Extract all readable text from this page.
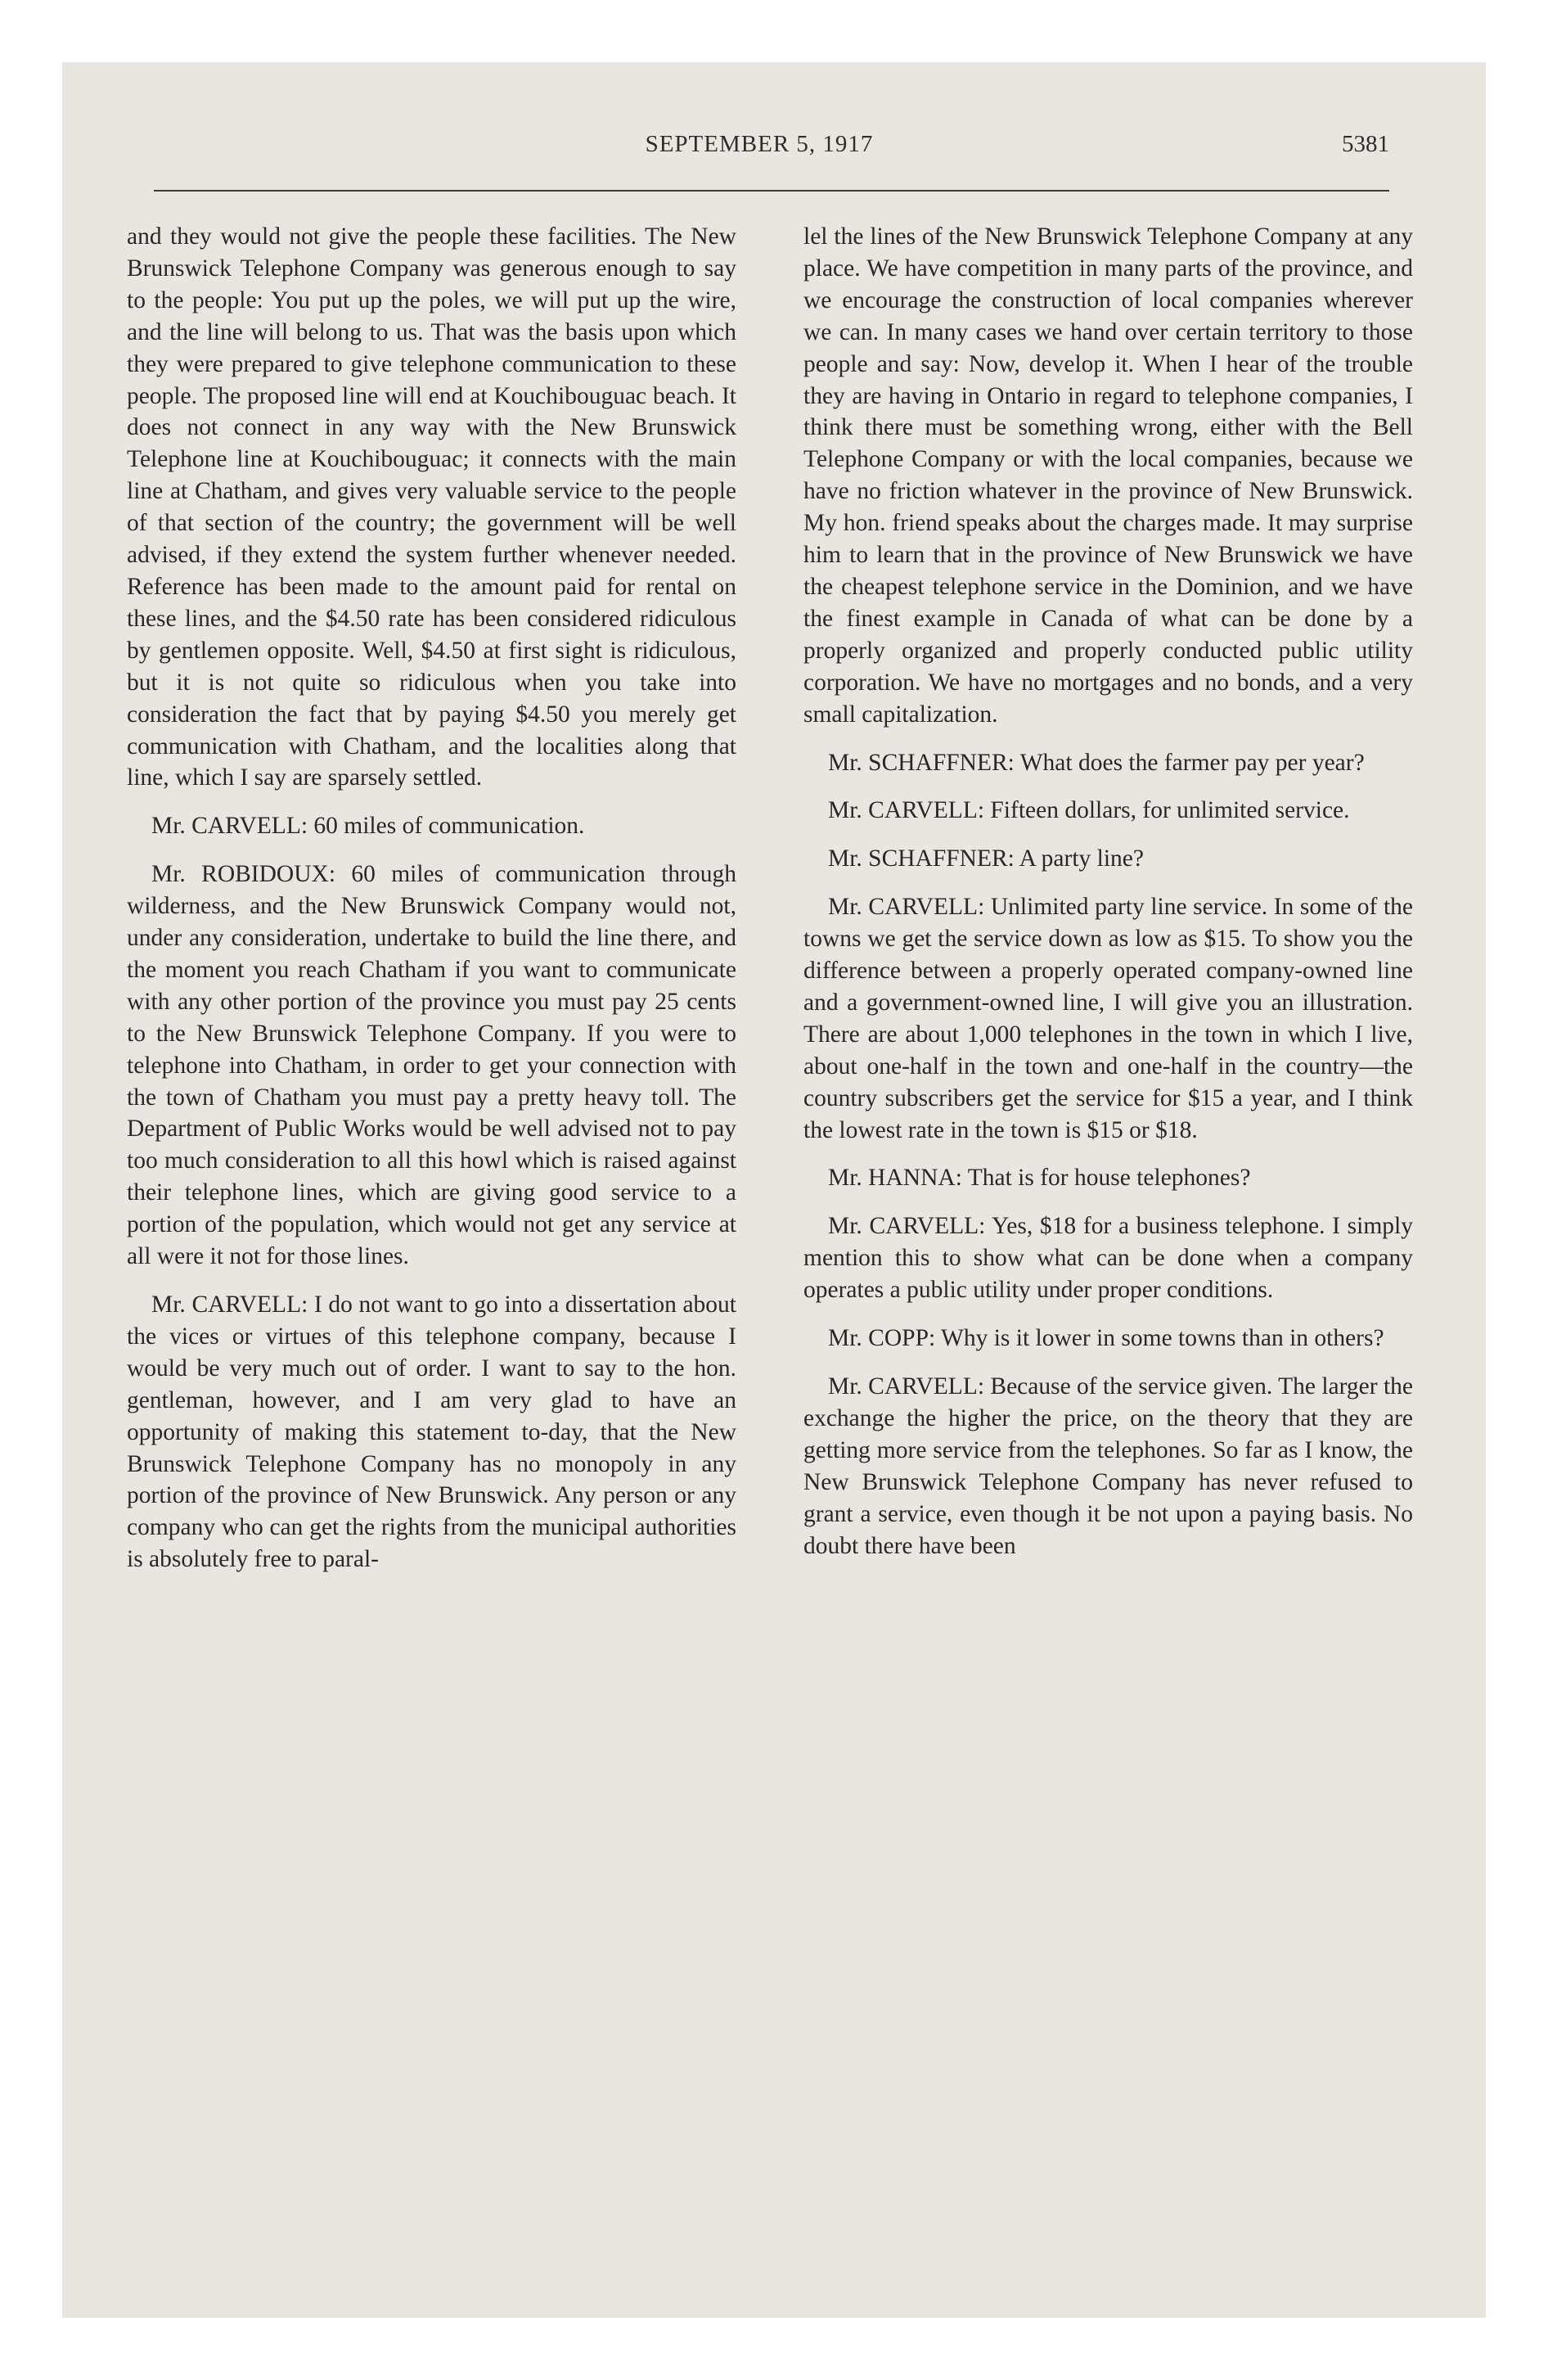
SEPTEMBER 5, 1917	5381

and they would not give the people these facilities. The New Brunswick Telephone Company was generous enough to say to the people: You put up the poles, we will put up the wire, and the line will belong to us. That was the basis upon which they were prepared to give telephone communication to these people. The proposed line will end at Kouchibouguac beach. It does not connect in any way with the New Brunswick Telephone line at Kouchibouguac; it connects with the main line at Chatham, and gives very valuable service to the people of that section of the country; the government will be well advised, if they extend the system further whenever needed. Reference has been made to the amount paid for rental on these lines, and the $4.50 rate has been considered ridiculous by gentlemen opposite. Well, $4.50 at first sight is ridiculous, but it is not quite so ridiculous when you take into consideration the fact that by paying $4.50 you merely get communication with Chatham, and the localities along that line, which I say are sparsely settled.

Mr. CARVELL: 60 miles of communication.

Mr. ROBIDOUX: 60 miles of communication through wilderness, and the New Brunswick Company would not, under any consideration, undertake to build the line there, and the moment you reach Chatham if you want to communicate with any other portion of the province you must pay 25 cents to the New Brunswick Telephone Company. If you were to telephone into Chatham, in order to get your connection with the town of Chatham you must pay a pretty heavy toll. The Department of Public Works would be well advised not to pay too much consideration to all this howl which is raised against their telephone lines, which are giving good service to a portion of the population, which would not get any service at all were it not for those lines.

Mr. CARVELL: I do not want to go into a dissertation about the vices or virtues of this telephone company, because I would be very much out of order. I want to say to the hon. gentleman, however, and I am very glad to have an opportunity of making this statement to-day, that the New Brunswick Telephone Company has no monopoly in any portion of the province of New Brunswick. Any person or any company who can get the rights from the municipal authorities is absolutely free to paral-

lel the lines of the New Brunswick Telephone Company at any place. We have competition in many parts of the province, and we encourage the construction of local companies wherever we can. In many cases we hand over certain territory to those people and say: Now, develop it. When I hear of the trouble they are having in Ontario in regard to telephone companies, I think there must be something wrong, either with the Bell Telephone Company or with the local companies, because we have no friction whatever in the province of New Brunswick. My hon. friend speaks about the charges made. It may surprise him to learn that in the province of New Brunswick we have the cheapest telephone service in the Dominion, and we have the finest example in Canada of what can be done by a properly organized and properly conducted public utility corporation. We have no mortgages and no bonds, and a very small capitalization.

Mr. SCHAFFNER: What does the farmer pay per year?

Mr. CARVELL: Fifteen dollars, for unlimited service.

Mr. SCHAFFNER: A party line?

Mr. CARVELL: Unlimited party line service. In some of the towns we get the service down as low as $15. To show you the difference between a properly operated company-owned line and a government-owned line, I will give you an illustration. There are about 1,000 telephones in the town in which I live, about one-half in the town and one-half in the country—the country subscribers get the service for $15 a year, and I think the lowest rate in the town is $15 or $18.

Mr. HANNA: That is for house telephones?

Mr. CARVELL: Yes, $18 for a business telephone. I simply mention this to show what can be done when a company operates a public utility under proper conditions.

Mr. COPP: Why is it lower in some towns than in others?

Mr. CARVELL: Because of the service given. The larger the exchange the higher the price, on the theory that they are getting more service from the telephones. So far as I know, the New Brunswick Telephone Company has never refused to grant a service, even though it be not upon a paying basis. No doubt there have been
